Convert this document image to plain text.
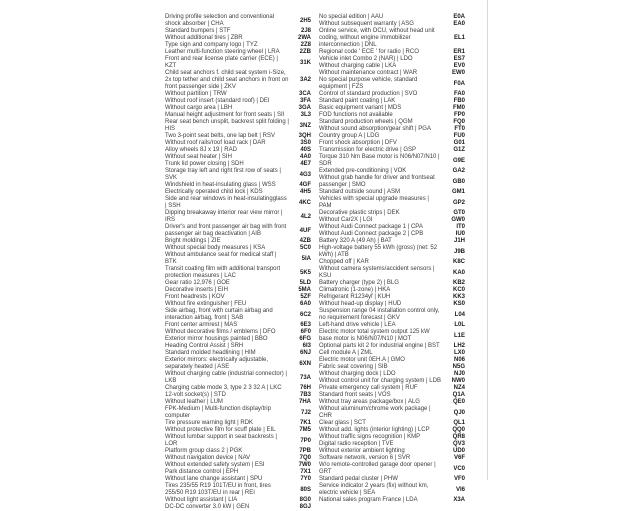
Driving profile selection and conventional shock absorber | CHA
2H5
Standard bumpers | STF	2J8
Without additional tires | ZBR	2WA
Type sign and company logo | TYZ	2Z8
Leather multi-function steering wheel | LRA	2ZB
Front and rear license plate carrier (ECE) | KZT
31K
Child seat anchors f. child seat system i-Size, 2x top tether and child seat anchors in front on front passenger side | ZKV
3A2
Without partition | TRW	3CA
Without roof insert (standard roof) | DEI	3FA
Without cargo area | LBH	3GA
Manual height adjustment for front seats | SII	3L3
Rear seat bench unsplit, backrest split folding | HIS
3NZ
Two 3-point seat belts, one lap belt | RSV	3QH
Without roof rails/roof load rack | DAR	3S0
Alloy wheels 8J x 19 | RAD	40S
Without seat heater | SIH	4A0
Trunk lid power closing | SDH	4E7
Storage tray left and right first row of seats | SVK
4G3
Windshield in heat-insulating glass | WSS	4GF
Electrically operated child lock | KDS	4H5
Side and rear windows in heat-insulatingglass | SSH
4KC
Dipping breakaway interior rear view mirror | IRS
4L2
Driver's and front passenger air bag with front passenger air bag deactivation | AIB
4UF
Bright moldings | ZIE	4ZB
Without special body measures | KSA	5C0
Without ambulance seat for medical staff | BTK
5IA
Transit coating film with additional transport protection measures | LAC
5K5
Gear ratio 12,976 | GOE	5LD
Decorative inserts | EIH	5MA
Front headrests | KOV	5ZF
Without fire extinguisher | FEU	6A0
Side airbag, front with curtain airbag and interaction airbag, front | SAB
6C2
Front center armrest | MAS	6E3
Without decorative films / emblems | DFO	6F0
Exterior mirror housings painted | BBO	6FG
Heading Control Assist | SRH	6I3
Standard molded headlining | HIM	6NJ
Exterior mirrors: electrically adjustable, separately heated | ASE
6XN
Without charging cable (industrial connector) | LKB
73A
Charging cable mode 3, type 2 3 32 A | LKC	76H
12-volt socket(s) | STD	7B3
Without leather | LUM	7HA
FPK-Medium | Multi-function display/trip computer
7J2
Tire pressure warning light | RDK	7K1
Without protective film for scuff plate | EIL	7M5
Without lumbar support in seat backrests | LOR
7P0
Platform group class 2 | PGK	7PB
Without navigation device | NAV	7Q0
Without extended safety system | ESI	7W0
Park distance control | EPH	7X1
Without lane change assistant | SPU	7Y0
Tires 235/55 R19 101T/EU in front, tires 255/50 R19 103T/EU in rear | REI
80S
Without light assistant | LIA	8G0
DC-DC converter 3.0 kW | GEN	8GJ
No special edition | AAU	E0A
Without subsequent warranty | ASG	EA0
Online service, with OCU, without head unit coding, without engine immobilizer interconnection | DNL
EL1
Regional code ' ECE ' for radio | RCO	ER1
Vehicle inlet Combo 2 (NAR) | LDO	ES7
Without charging cable | LKA	EV0
Without maintenance contract | WAR	EW0
No special purpose vehicle, standard equipment | FZS
F0A
Control of standard production | SVO	FA0
Standard paint coating | LAK	FB0
Basic equipment variant | MDS	FM0
FOD functions not available	FP0
Standard production wheels | QGM	FQ0
Without sound absorption/gear shift | PGA	FT0
Country group A | LDG	FU0
Front shock absorption | DFV	G01
Transmission for electric drive | GSP	G1Z
Torque 310 Nm Base motor is N06/N07/N10 | SDR
G9E
Extended pre-conditioning | VOK	GA2
Without grab handle for driver and frontseat passenger | SMO
GB0
Standard outside sound | ASM	GM1
Vehicles with special upgrade measures | PAM
GP2
Decorative plastic strips | DEK	GT0
Without Car2X | LGI	GW0
Without Audi Connect package 1 | CPA	IT0
Without Audi Connect package 2 | CPB	IU0
Battery 320 A (49 Ah) | BAT	J1H
High-voltage battery 55 kWh (gross) (net: 52 kWh) | ATB
J9B
Chopped off | KAR	K8C
Without camera systems/accident sensors | KSU
KA0
Battery charger (type 2) | BLG	KB2
Climatronic (1-zone) | HKA	KC0
Refrigerant R1234yf | KUH	KK3
Without head-up display | HUD	KS0
Suspension range 04 installation control only, no requirement forecast | GKV
L04
Left-hand drive vehicle | LEA	L0L
Electric motor total system output 125 kW base motor is N06/N07/N10 | MOT
L1E
Optional parts kit 2 for industrial engine | BST	LH2
Cell module A | ZML	LX0
Electric motor unit 0EH.A | GMO	N06
Fabric seat covering | SIB	N5G
Without charging dock | LDO	NJ0
Without control unit for charging system | LDB	NW0
Private emergency call system | RUF	NZ4
Standard front seats | VOS	Q1A
Without tray areas package/box | ALG	QE0
Without aluminum/chrome work package | CHR
QJ0
Clear glass | SCT	QL1
Without add. lights (interior lighting) | LCP	QQ0
Without traffic signs recognition | KMP	QR8
Digital radio reception | TVE	QV3
Without exterior ambient lighting	UD0
Software network, version 6 | SVR	V6F
W/o remote-controlled garage door opener | GRT
VC0
Standard pedal cluster | PHW	VF0
Service indicator 2 years (fix) without km, electric vehicle | SEA
VI6
National sales program France | LDA	X3A
